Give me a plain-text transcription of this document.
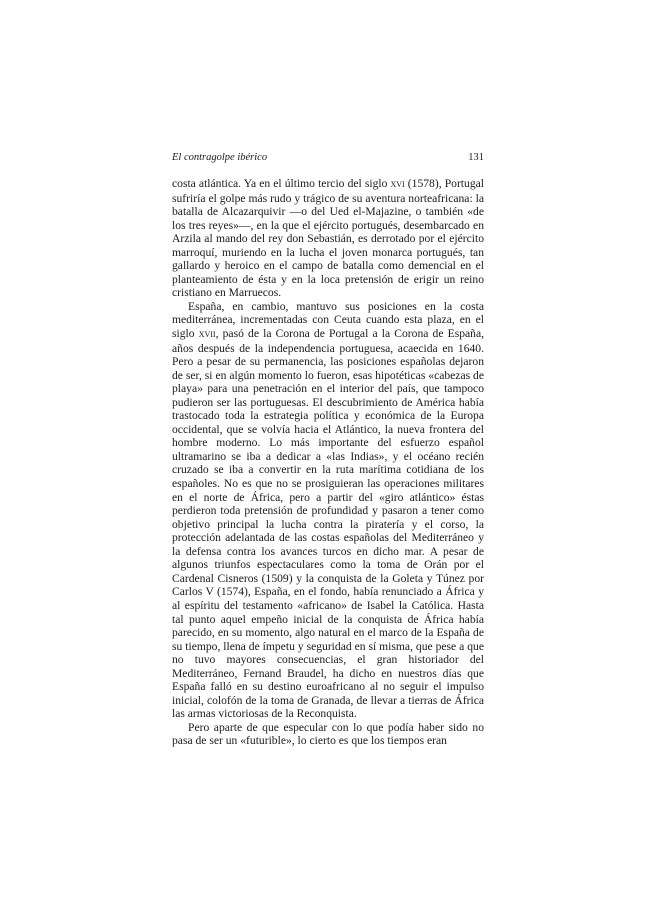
El contragolpe ibérico	131

costa atlántica. Ya en el último tercio del siglo xvi (1578), Portugal sufriría el golpe más rudo y trágico de su aventura norteafricana: la batalla de Alcazarquivir —o del Ued el-Majazine, o también «de los tres reyes»—, en la que el ejército portugués, desembarcado en Arzila al mando del rey don Sebastián, es derrotado por el ejército marroquí, muriendo en la lucha el joven monarca portugués, tan gallardo y heroico en el campo de batalla como demencial en el planteamiento de ésta y en la loca pretensión de erigir un reino cristiano en Marruecos.

España, en cambio, mantuvo sus posiciones en la costa mediterránea, incrementadas con Ceuta cuando esta plaza, en el siglo xvii, pasó de la Corona de Portugal a la Corona de España, años después de la independencia portuguesa, acaecida en 1640. Pero a pesar de su permanencia, las posiciones españolas dejaron de ser, si en algún momento lo fueron, esas hipotéticas «cabezas de playa» para una penetración en el interior del país, que tampoco pudieron ser las portuguesas. El descubrimiento de América había trastocado toda la estrategia política y económica de la Europa occidental, que se volvía hacia el Atlántico, la nueva frontera del hombre moderno. Lo más importante del esfuerzo español ultramarino se iba a dedicar a «las Indias», y el océano recién cruzado se iba a convertir en la ruta marítima cotidiana de los españoles. No es que no se prosiguieran las operaciones militares en el norte de África, pero a partir del «giro atlántico» éstas perdieron toda pretensión de profundidad y pasaron a tener como objetivo principal la lucha contra la piratería y el corso, la protección adelantada de las costas españolas del Mediterráneo y la defensa contra los avances turcos en dicho mar. A pesar de algunos triunfos espectaculares como la toma de Orán por el Cardenal Cisneros (1509) y la conquista de la Goleta y Túnez por Carlos V (1574), España, en el fondo, había renunciado a África y al espíritu del testamento «africano» de Isabel la Católica. Hasta tal punto aquel empeño inicial de la conquista de África había parecido, en su momento, algo natural en el marco de la España de su tiempo, llena de ímpetu y seguridad en sí misma, que pese a que no tuvo mayores consecuencias, el gran historiador del Mediterráneo, Fernand Braudel, ha dicho en nuestros días que España falló en su destino euroafricano al no seguir el impulso inicial, colofón de la toma de Granada, de llevar a tierras de África las armas victoriosas de la Reconquista.

Pero aparte de que especular con lo que podía haber sido no pasa de ser un «futurible», lo cierto es que los tiempos eran
